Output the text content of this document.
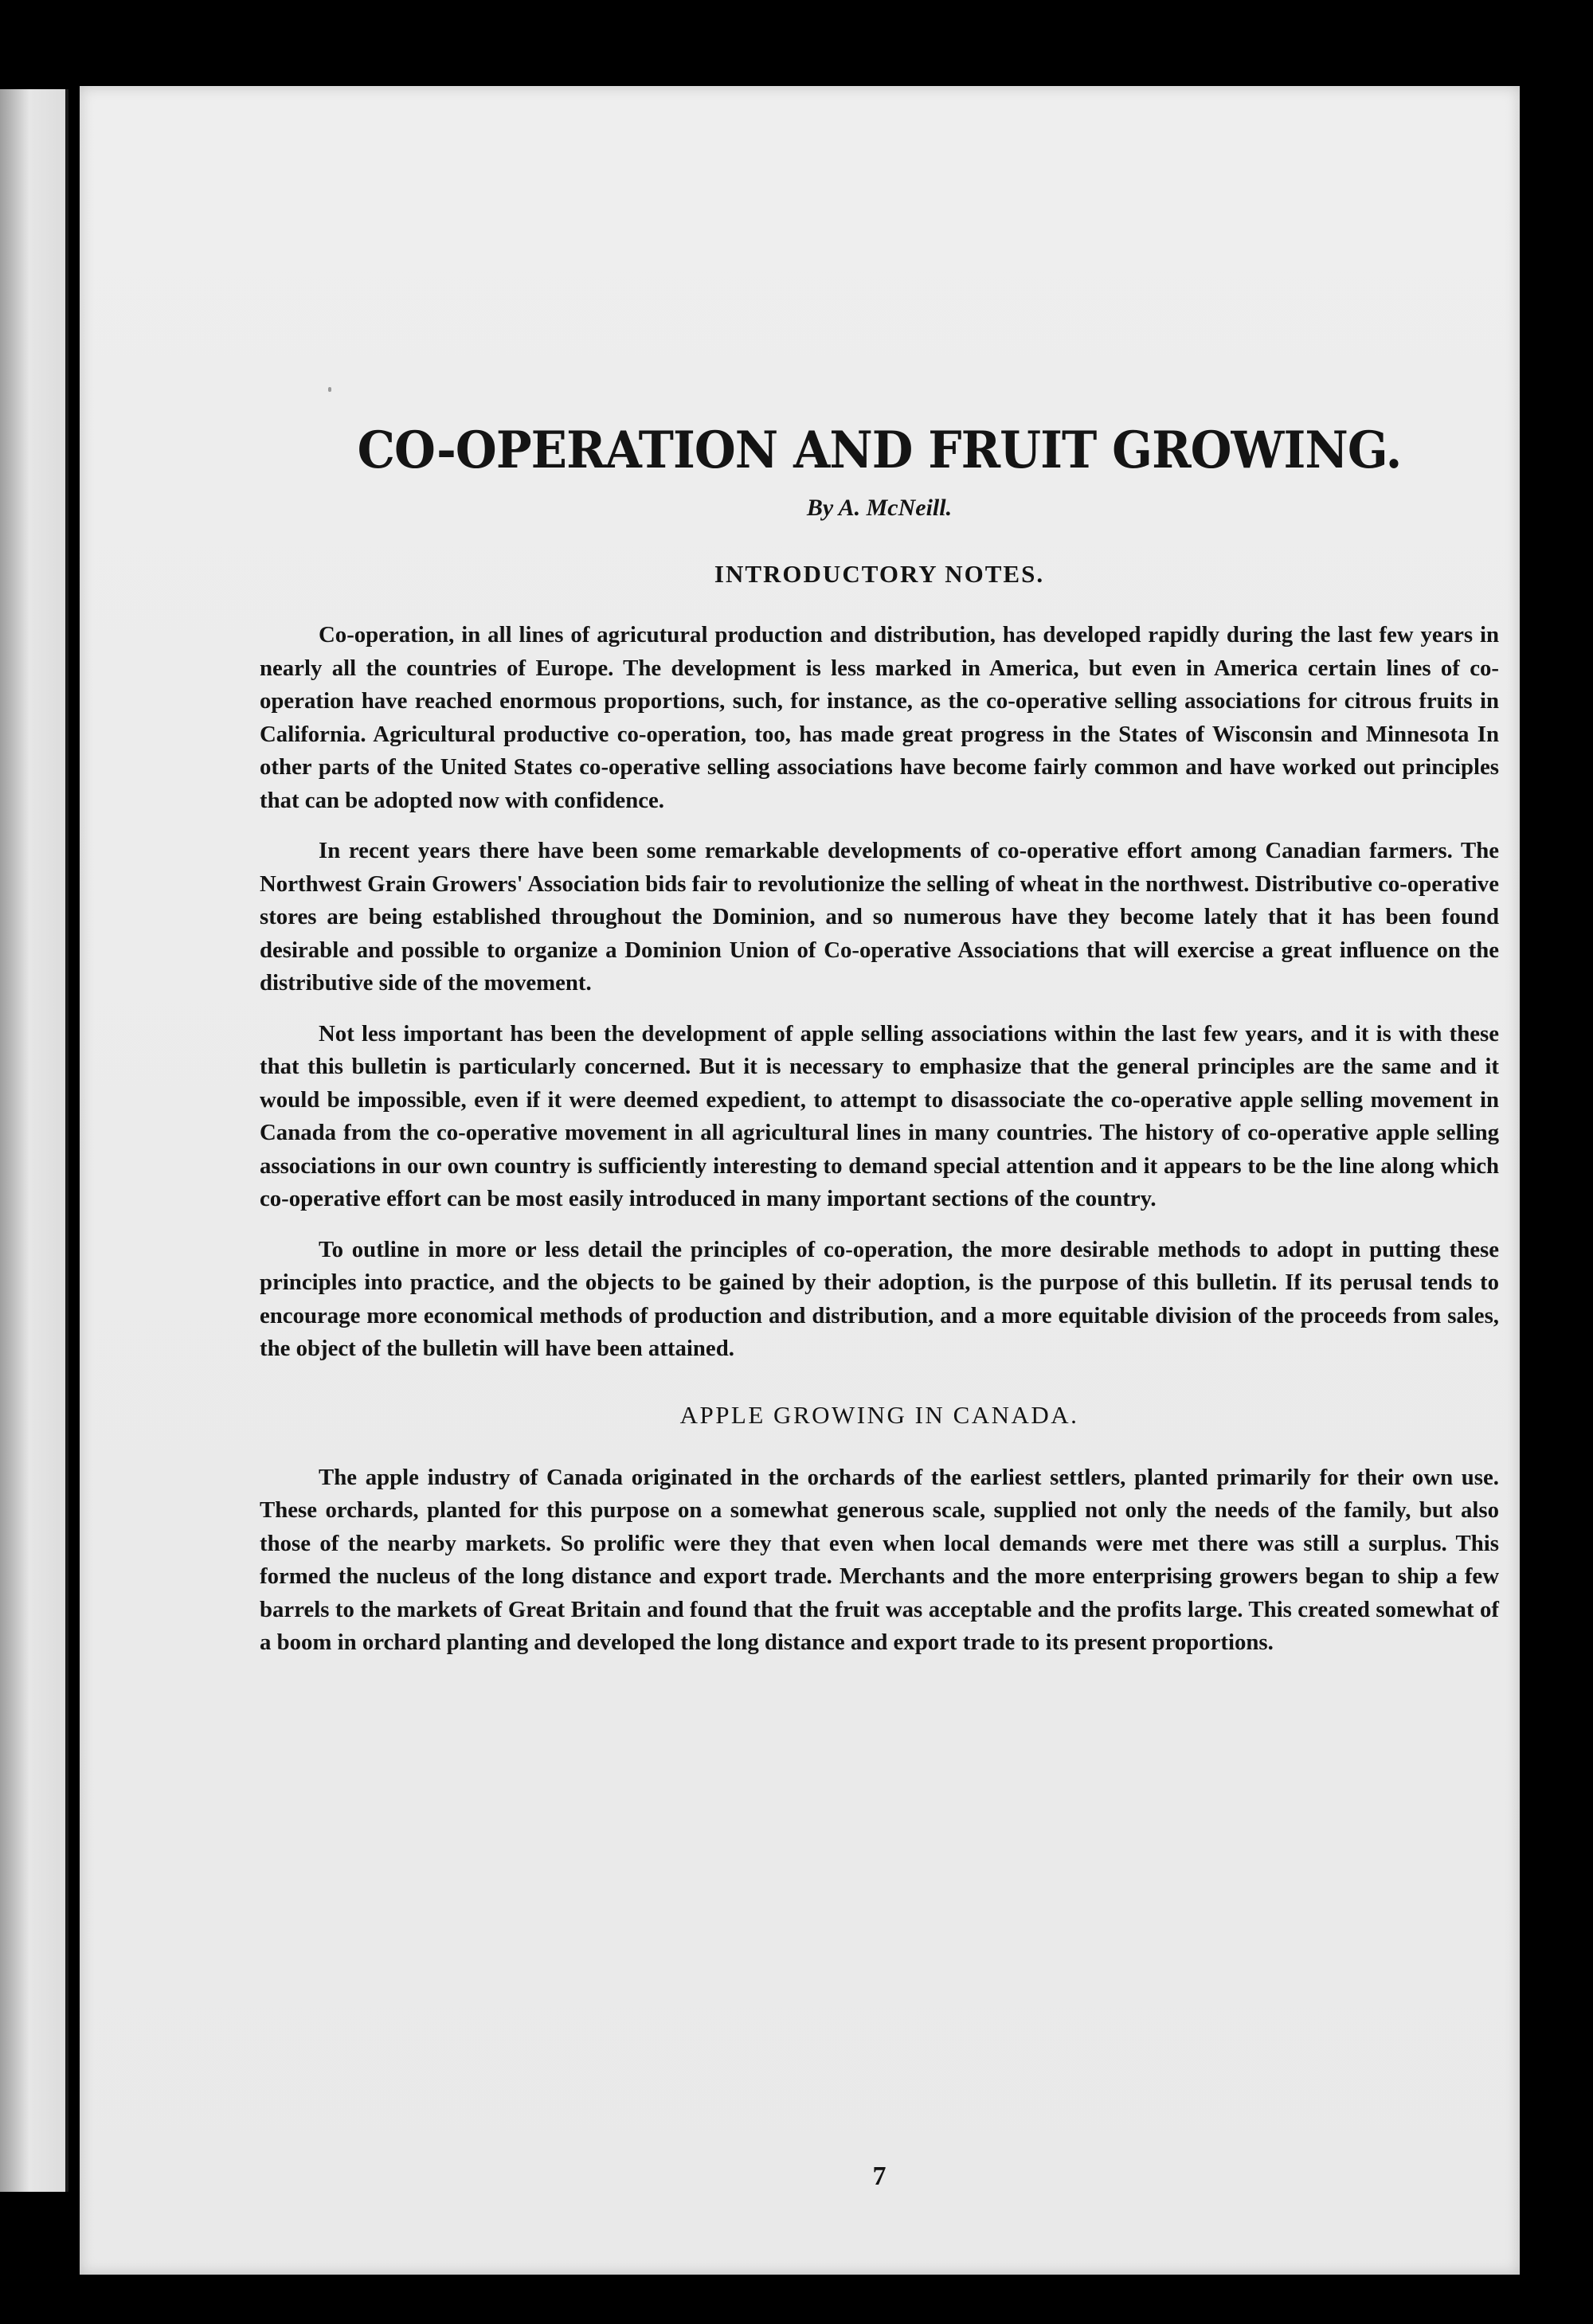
CO-OPERATION AND FRUIT GROWING.
By A. McNeill.
INTRODUCTORY NOTES.

Co-operation, in all lines of agricutural production and distribution, has developed rapidly during the last few years in nearly all the countries of Europe. The development is less marked in America, but even in America certain lines of co-operation have reached enormous proportions, such, for instance, as the co-operative selling associations for citrous fruits in California. Agricultural productive co-operation, too, has made great progress in the States of Wisconsin and Minnesota In other parts of the United States co-operative selling associations have become fairly common and have worked out principles that can be adopted now with confidence.

In recent years there have been some remarkable developments of co-operative effort among Canadian farmers. The Northwest Grain Growers' Association bids fair to revolutionize the selling of wheat in the northwest. Distributive co-operative stores are being established throughout the Dominion, and so numerous have they become lately that it has been found desirable and possible to organize a Dominion Union of Co-operative Associations that will exercise a great influence on the distributive side of the movement.

Not less important has been the development of apple selling associations within the last few years, and it is with these that this bulletin is particularly concerned. But it is necessary to emphasize that the general principles are the same and it would be impossible, even if it were deemed expedient, to attempt to disassociate the co-operative apple selling movement in Canada from the co-operative movement in all agricultural lines in many countries. The history of co-operative apple selling associations in our own country is sufficiently interesting to demand special attention and it appears to be the line along which co-operative effort can be most easily introduced in many important sections of the country.

To outline in more or less detail the principles of co-operation, the more desirable methods to adopt in putting these principles into practice, and the objects to be gained by their adoption, is the purpose of this bulletin. If its perusal tends to encourage more economical methods of production and distribution, and a more equitable division of the proceeds from sales, the object of the bulletin will have been attained.

APPLE GROWING IN CANADA.

The apple industry of Canada originated in the orchards of the earliest settlers, planted primarily for their own use. These orchards, planted for this purpose on a somewhat generous scale, supplied not only the needs of the family, but also those of the nearby markets. So prolific were they that even when local demands were met there was still a surplus. This formed the nucleus of the long distance and export trade. Merchants and the more enterprising growers began to ship a few barrels to the markets of Great Britain and found that the fruit was acceptable and the profits large. This created somewhat of a boom in orchard planting and developed the long distance and export trade to its present proportions.

7
